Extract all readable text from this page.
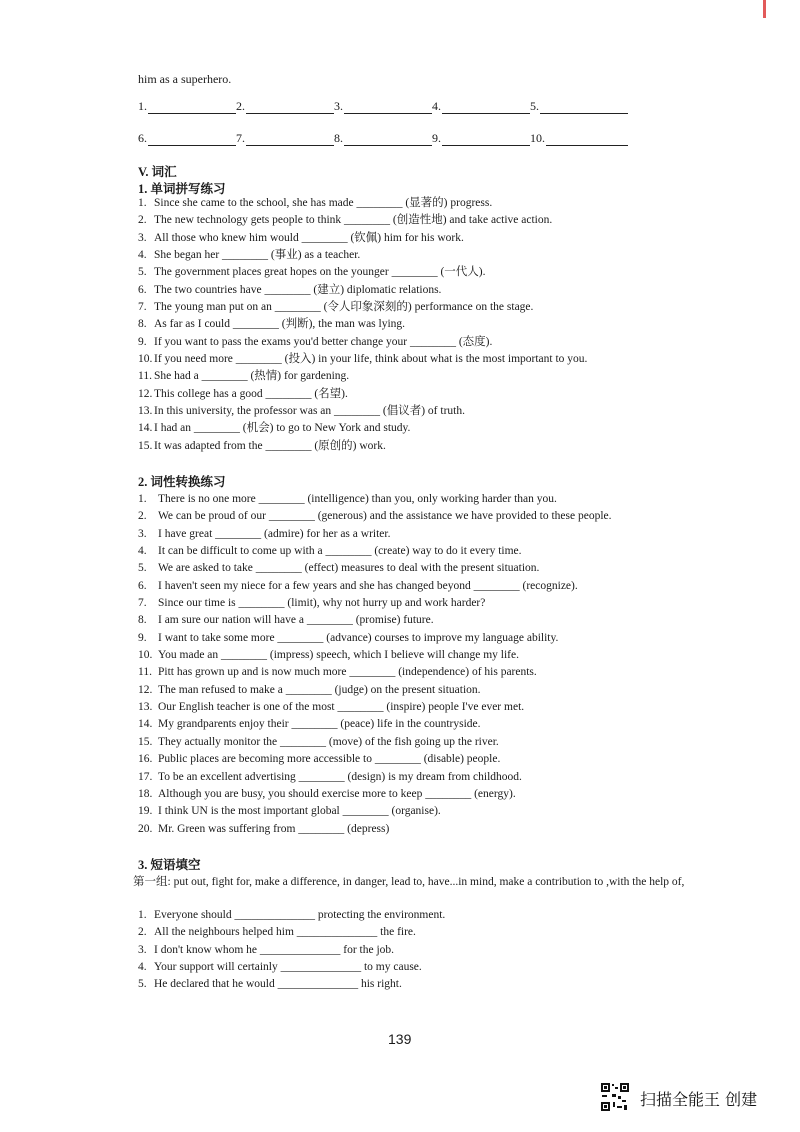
him as a superhero.
1.	2.	3.	4.	5.
6.	7.	8.	9.	10.
V. 词汇
1. 单词拼写练习
1. Since she came to the school, she has made ________ (显著的) progress.
2. The new technology gets people to think ________ (创造性地) and take active action.
3. All those who knew him would ________ (钦佩) him for his work.
4. She began her ________ (事业) as a teacher.
5. The government places great hopes on the younger ________ (一代人).
6. The two countries have ________ (建立) diplomatic relations.
7. The young man put on an ________ (令人印象深刻的) performance on the stage.
8. As far as I could ________ (判断), the man was lying.
9. If you want to pass the exams you'd better change your ________ (态度).
10. If you need more ________ (投入) in your life, think about what is the most important to you.
11. She had a ________ (热情) for gardening.
12. This college has a good ________ (名望).
13. In this university, the professor was an ________ (倡议者) of truth.
14. I had an ________ (机会) to go to New York and study.
15. It was adapted from the ________ (原创的) work.
2. 词性转换练习
1. There is no one more ________ (intelligence) than you, only working harder than you.
2. We can be proud of our ________ (generous) and the assistance we have provided to these people.
3. I have great ________ (admire) for her as a writer.
4. It can be difficult to come up with a ________ (create) way to do it every time.
5. We are asked to take ________ (effect) measures to deal with the present situation.
6. I haven't seen my niece for a few years and she has changed beyond ________ (recognize).
7. Since our time is ________ (limit), why not hurry up and work harder?
8. I am sure our nation will have a ________ (promise) future.
9. I want to take some more ________ (advance) courses to improve my language ability.
10. You made an ________ (impress) speech, which I believe will change my life.
11. Pitt has grown up and is now much more ________ (independence) of his parents.
12. The man refused to make a ________ (judge) on the present situation.
13. Our English teacher is one of the most ________ (inspire) people I've ever met.
14. My grandparents enjoy their ________ (peace) life in the countryside.
15. They actually monitor the ________ (move) of the fish going up the river.
16. Public places are becoming more accessible to ________ (disable) people.
17. To be an excellent advertising ________ (design) is my dream from childhood.
18. Although you are busy, you should exercise more to keep ________ (energy).
19. I think UN is the most important global ________ (organise).
20. Mr. Green was suffering from ________ (depress)
3. 短语填空
第一组: put out, fight for, make a difference, in danger, lead to, have...in mind, make a contribution to ,with the help of,
1. Everyone should ______________ protecting the environment.
2. All the neighbours helped him ______________ the fire.
3. I don't know whom he ______________ for the job.
4. Your support will certainly ______________ to my cause.
5. He declared that he would ______________ his right.
139
扫描全能王 创建
